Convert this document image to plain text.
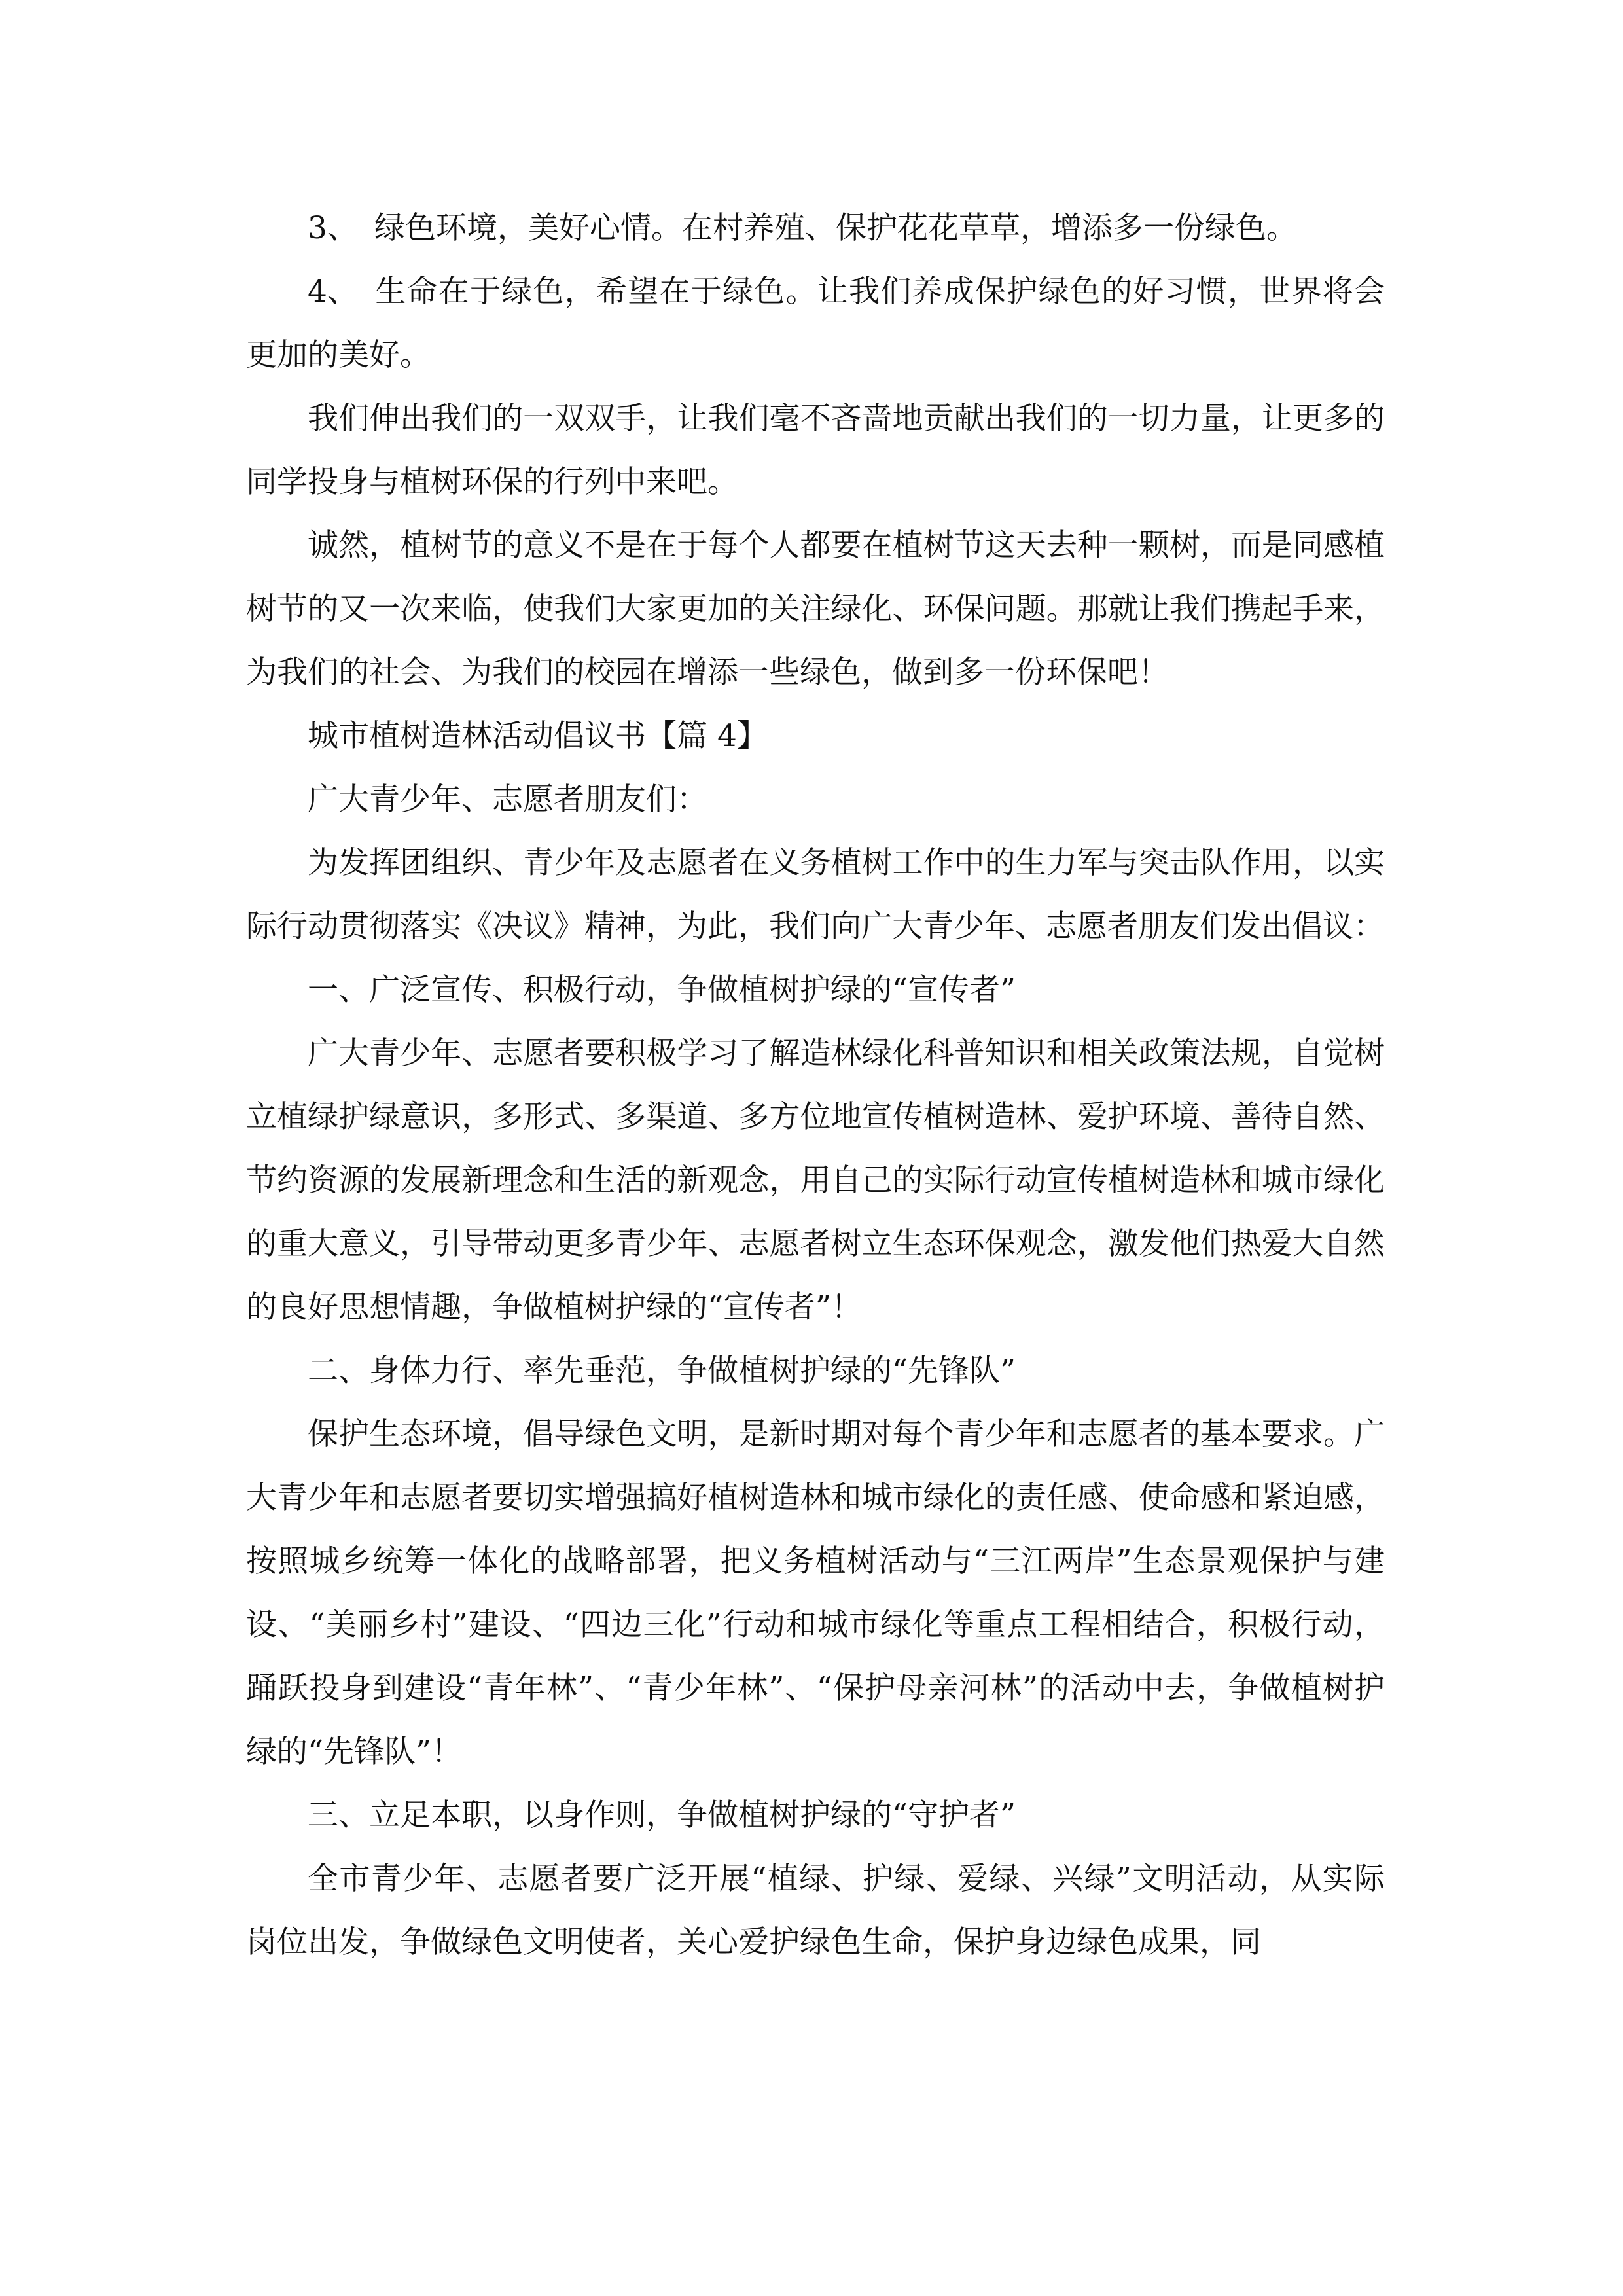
3、 绿色环境，美好心情。在村养殖、保护花花草草，增添多一份绿色。

4、 生命在于绿色，希望在于绿色。让我们养成保护绿色的好习惯，世界将会更加的美好。

我们伸出我们的一双双手，让我们毫不吝啬地贡献出我们的一切力量，让更多的同学投身与植树环保的行列中来吧。

诚然，植树节的意义不是在于每个人都要在植树节这天去种一颗树，而是同感植树节的又一次来临，使我们大家更加的关注绿化、环保问题。那就让我们携起手来，为我们的社会、为我们的校园在增添一些绿色，做到多一份环保吧！

城市植树造林活动倡议书【篇 4】

广大青少年、志愿者朋友们：

为发挥团组织、青少年及志愿者在义务植树工作中的生力军与突击队作用，以实际行动贯彻落实《决议》精神，为此，我们向广大青少年、志愿者朋友们发出倡议：

一、广泛宣传、积极行动，争做植树护绿的“宣传者”

广大青少年、志愿者要积极学习了解造林绿化科普知识和相关政策法规，自觉树立植绿护绿意识，多形式、多渠道、多方位地宣传植树造林、爱护环境、善待自然、节约资源的发展新理念和生活的新观念，用自己的实际行动宣传植树造林和城市绿化的重大意义，引导带动更多青少年、志愿者树立生态环保观念，激发他们热爱大自然的良好思想情趣，争做植树护绿的“宣传者”！

二、身体力行、率先垂范，争做植树护绿的“先锋队”

保护生态环境，倡导绿色文明，是新时期对每个青少年和志愿者的基本要求。广大青少年和志愿者要切实增强搞好植树造林和城市绿化的责任感、使命感和紧迫感，按照城乡统筹一体化的战略部署，把义务植树活动与“三江两岸”生态景观保护与建设、“美丽乡村”建设、“四边三化”行动和城市绿化等重点工程相结合，积极行动，踊跃投身到建设“青年林”、“青少年林”、“保护母亲河林”的活动中去，争做植树护绿的“先锋队”！

三、立足本职，以身作则，争做植树护绿的“守护者”

全市青少年、志愿者要广泛开展“植绿、护绿、爱绿、兴绿”文明活动，从实际岗位出发，争做绿色文明使者，关心爱护绿色生命，保护身边绿色成果，同
